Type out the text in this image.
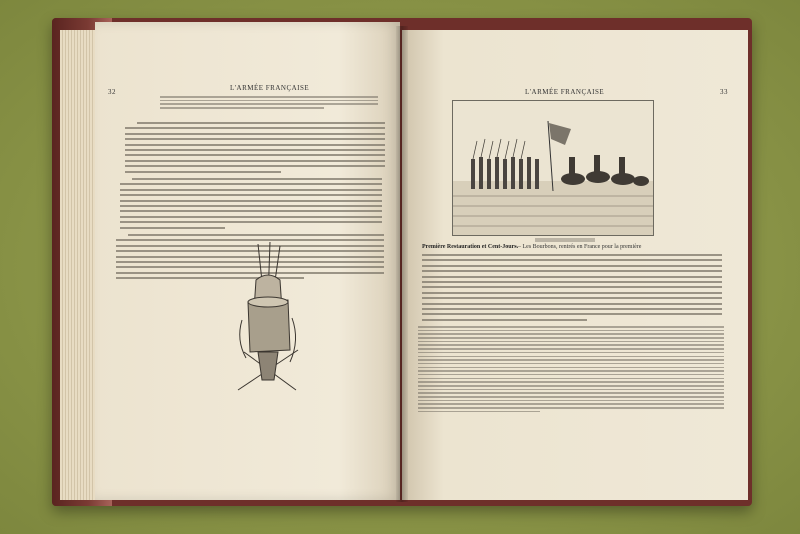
32	L'ARMÉE FRANÇAISE	L'ARMÉE FRANÇAISE	33
Première Restauration et Cent-Jours.
— Les Bourbons, rentrés en France pour la première
